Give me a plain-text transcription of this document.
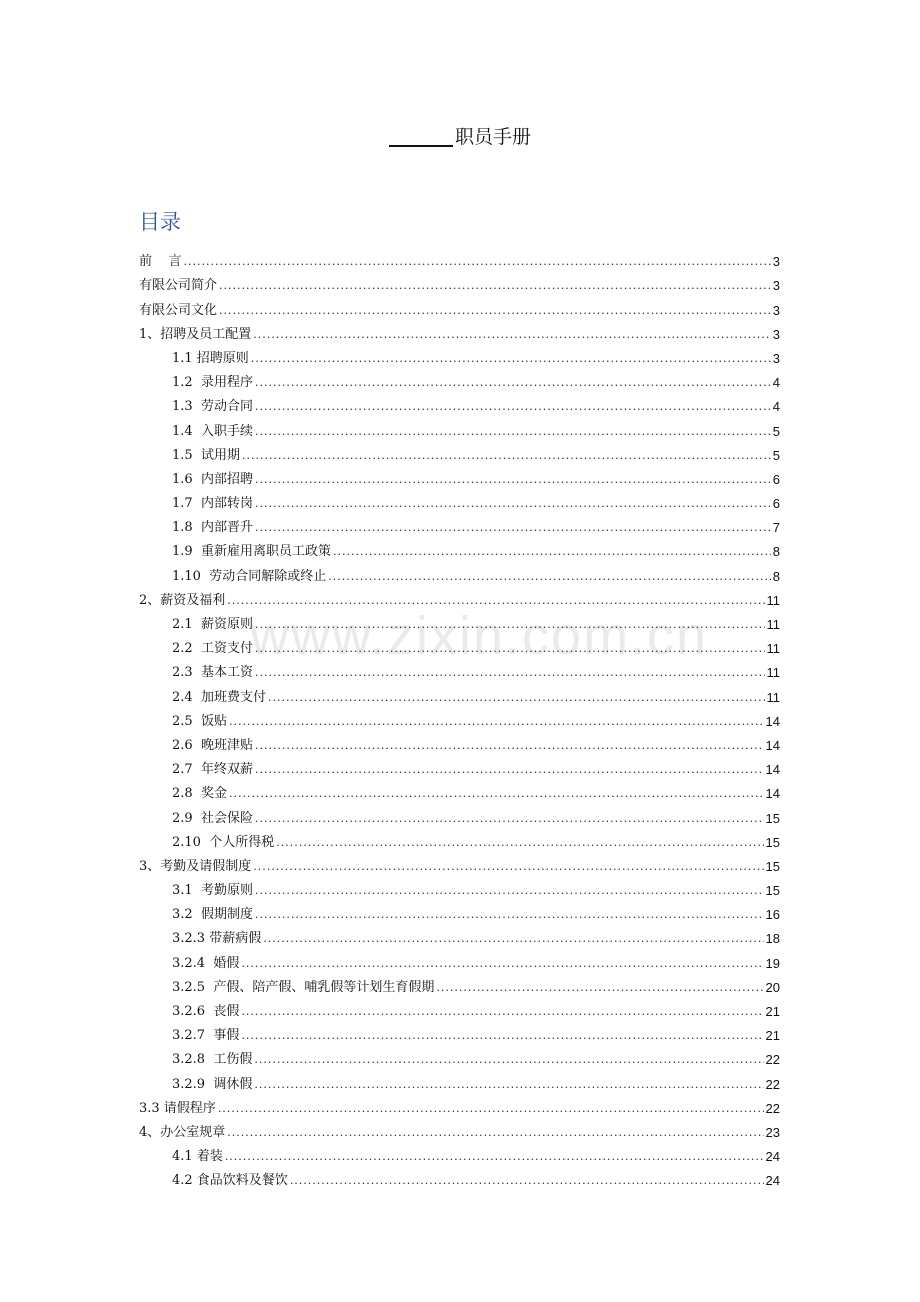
职员手册
目录
www.zixin.com.cn
前    言 .....	3
有限公司简介 .....	3
有限公司文化 .....	3
1、招聘及员工配置 .....	3
1.1 招聘原则 .....	3
1.2  录用程序 .....	4
1.3  劳动合同 .....	4
1.4  入职手续 .....	5
1.5  试用期 .....	5
1.6  内部招聘 .....	6
1.7  内部转岗 .....	6
1.8  内部晋升 .....	7
1.9  重新雇用离职员工政策 .....	8
1.10  劳动合同解除或终止 .....	8
2、薪资及福利 .....	11
2.1  薪资原则 .....	11
2.2  工资支付 .....	11
2.3  基本工资 .....	11
2.4  加班费支付 .....	11
2.5  饭贴 .....	14
2.6  晚班津贴 .....	14
2.7  年终双薪 .....	14
2.8  奖金 .....	14
2.9  社会保险 .....	15
2.10  个人所得税 .....	15
3、考勤及请假制度 .....	15
3.1  考勤原则 .....	15
3.2  假期制度 .....	16
3.2.3 带薪病假 .....	18
3.2.4  婚假 .....	19
3.2.5  产假、陪产假、哺乳假等计划生育假期 .....	20
3.2.6  丧假 .....	21
3.2.7  事假 .....	21
3.2.8  工伤假 .....	22
3.2.9  调休假 .....	22
3.3 请假程序 .....	22
4、办公室规章 .....	23
4.1 着装 .....	24
4.2 食品饮料及餐饮 .....	24
